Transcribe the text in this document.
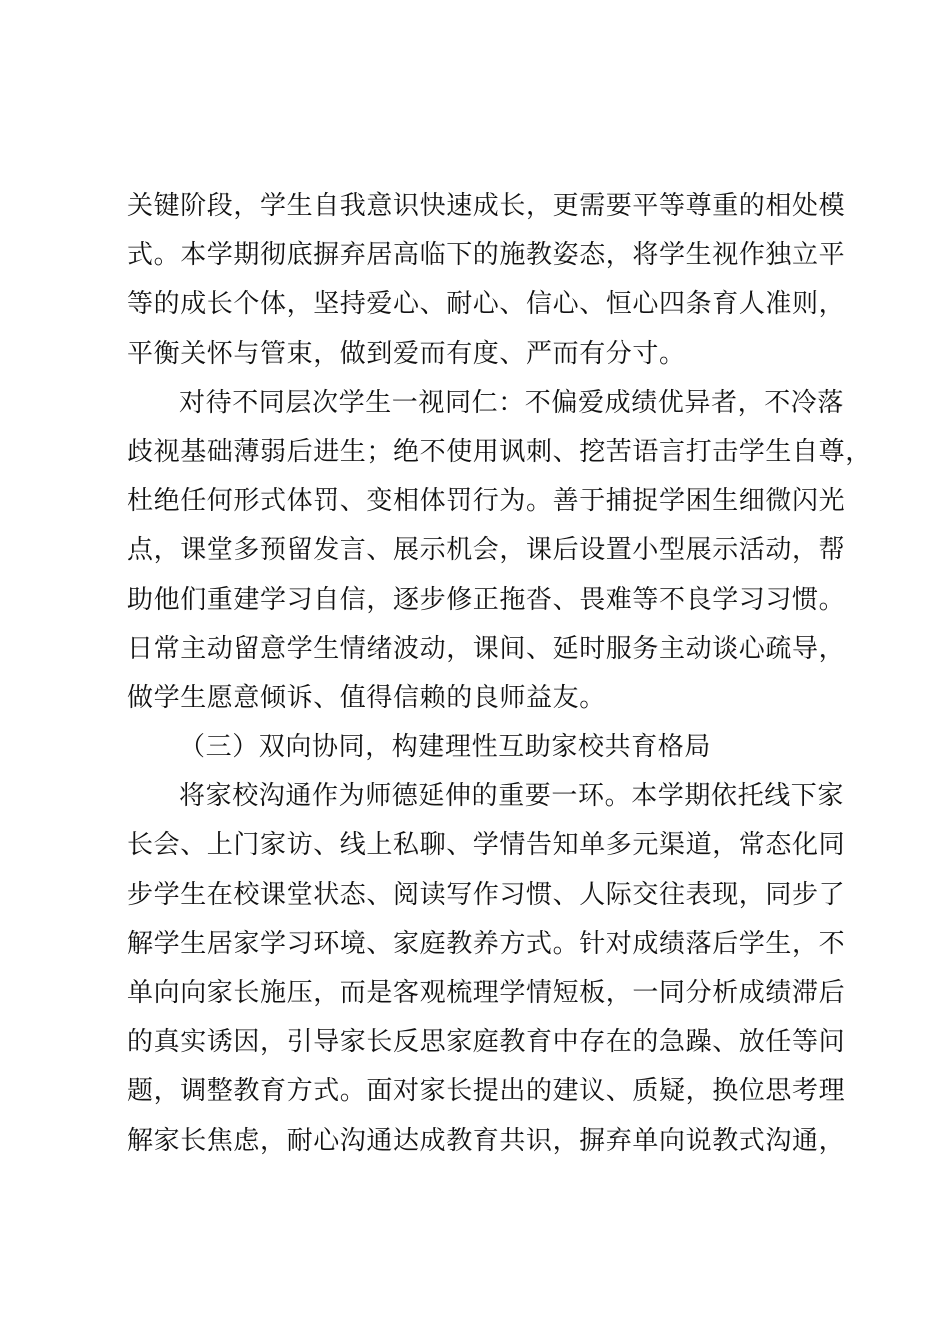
关键阶段，学生自我意识快速成长，更需要平等尊重的相处模
式。本学期彻底摒弃居高临下的施教姿态，将学生视作独立平
等的成长个体，坚持爱心、耐心、信心、恒心四条育人准则，
平衡关怀与管束，做到爱而有度、严而有分寸。
对待不同层次学生一视同仁：不偏爱成绩优异者，不冷落
歧视基础薄弱后进生；绝不使用讽刺、挖苦语言打击学生自尊，
杜绝任何形式体罚、变相体罚行为。善于捕捉学困生细微闪光
点，课堂多预留发言、展示机会，课后设置小型展示活动，帮
助他们重建学习自信，逐步修正拖沓、畏难等不良学习习惯。
日常主动留意学生情绪波动，课间、延时服务主动谈心疏导，
做学生愿意倾诉、值得信赖的良师益友。
（三）双向协同，构建理性互助家校共育格局
将家校沟通作为师德延伸的重要一环。本学期依托线下家
长会、上门家访、线上私聊、学情告知单多元渠道，常态化同
步学生在校课堂状态、阅读写作习惯、人际交往表现，同步了
解学生居家学习环境、家庭教养方式。针对成绩落后学生，不
单向向家长施压，而是客观梳理学情短板，一同分析成绩滞后
的真实诱因，引导家长反思家庭教育中存在的急躁、放任等问
题，调整教育方式。面对家长提出的建议、质疑，换位思考理
解家长焦虑，耐心沟通达成教育共识，摒弃单向说教式沟通，
